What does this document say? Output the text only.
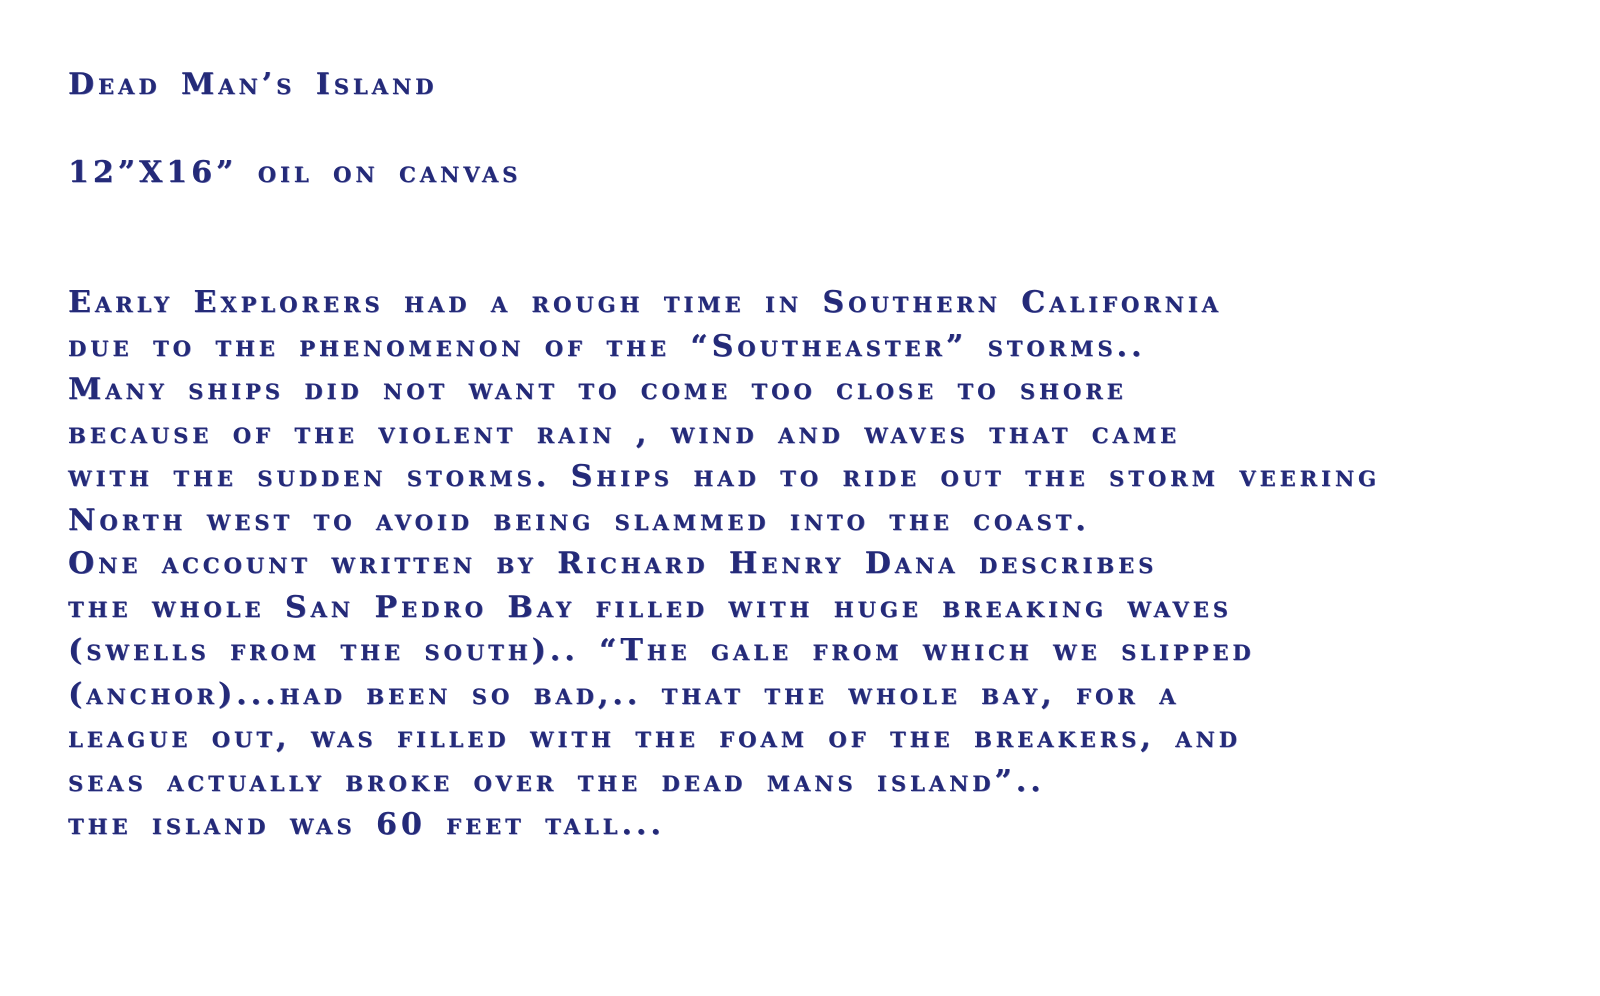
Dead Man’s Island

12”X16” oil on canvas

Early Explorers had a rough time in Southern California

due to the phenomenon of the “Southeaster” storms..

Many ships did not want to come too close to shore

because of the violent rain , wind and waves that came

with the sudden storms. Ships had to ride out the storm veering

North west to avoid being slammed into the coast.

One account written by Richard Henry Dana describes

the whole San Pedro Bay filled with huge breaking waves

(swells from the south).. “The gale from which we slipped

(anchor)...had been so bad,.. that the whole bay, for a

league out, was filled with the foam of the breakers, and

seas actually broke over the dead mans island”..

the island was 60 feet tall...
